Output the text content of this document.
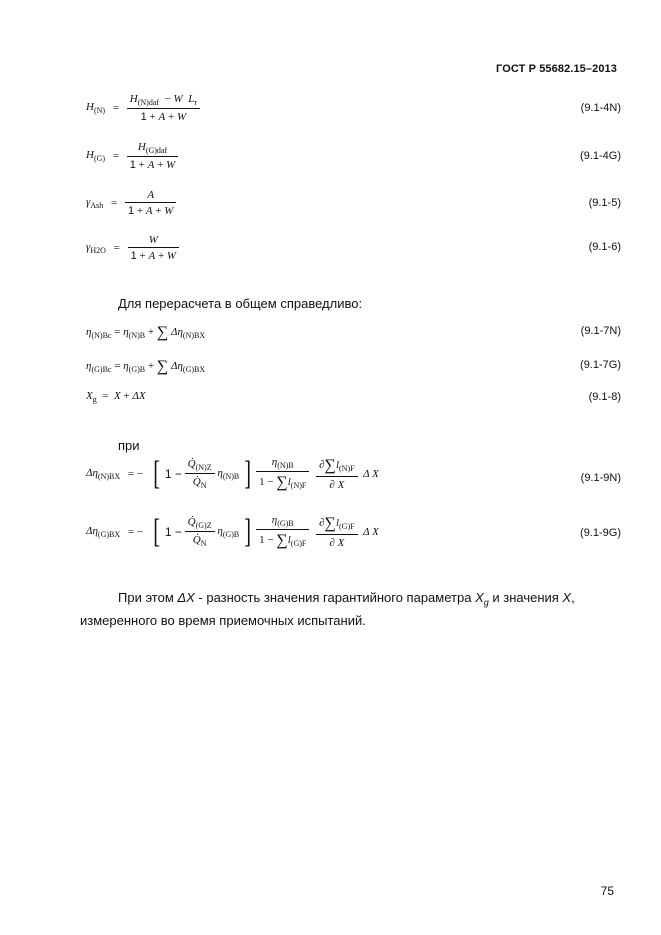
ГОСТ Р 55682.15–2013
$H_{(N)} = \frac{H_{(N)daf} - W L_r}{1 + A + W}$	(9.1-4N)
$H_{(G)} = \frac{H_{(G)daf}}{1 + A + W}$	(9.1-4G)
$\gamma_{Ash} = \frac{A}{1 + A + W}$	(9.1-5)
$\gamma_{H2O} = \frac{W}{1 + A + W}$	(9.1-6)
Для перерасчета в общем справедливо:
$\eta_{(N)Bc} = \eta_{(N)B}$ + ∑ $\Delta\eta_{(N)BX}$	(9.1-7N)
$\eta_{(G)Bc} = \eta_{(G)B}$ + ∑ $\Delta\eta_{(G)BX}$	(9.1-7G)
$X_g = X + \Delta X$	(9.1-8)
при
$\Delta\eta_{(N)BX}$ = − [ $1 - \frac{Q̇_{(N)Z}}{Q̇_N} \eta_{(N)B}$ ] $\frac{\eta_{(N)B}}{1 - \sum l_{(N)F}}$
$\frac{\partial\sum l_{(N)F}}{\partial X}$ Δ X	(9.1-9N)
$\Delta\eta_{(G)BX}$ = − [ $1 - \frac{Q̇_{(G)Z}}{Q̇_N} \eta_{(G)B}$ ] $\frac{\eta_{(G)B}}{1 - \sum l_{(G)F}}$
$\frac{\partial\sum l_{(G)F}}{\partial X}$ Δ X	(9.1-9G)
При этом ΔX - разность значения гарантийного параметра $X_g$ и значения X,
измеренного во время приемочных испытаний.
75
